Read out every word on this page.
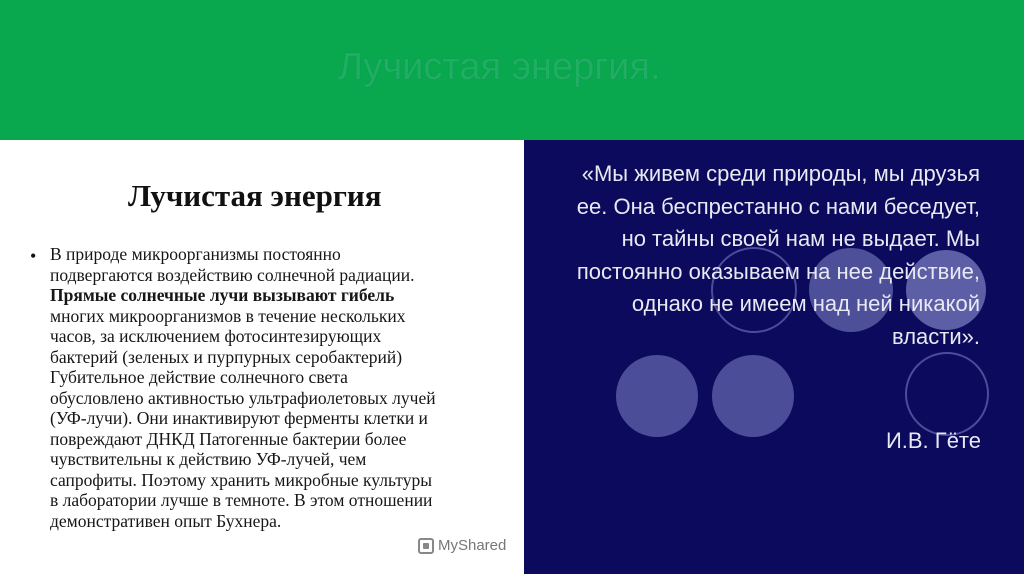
Лучистая энергия.
Лучистая энергия
• В природе микроорганизмы постоянно
подвергаются воздействию солнечной радиации.
Прямые солнечные лучи вызывают гибель
многих микроорганизмов в течение нескольких
часов, за исключением фотосинтезирующих
бактерий (зеленых и пурпурных серобактерий)
Губительное действие солнечного света
обусловлено активностью ультрафиолетовых лучей
(УФ-лучи). Они инактивируют ферменты клетки и
повреждают ДНКД Патогенные бактерии более
чувствительны к действию УФ-лучей, чем
сапрофиты. Поэтому хранить микробные культуры
в лаборатории лучше в темноте. В этом отношении
демонстративен опыт Бухнера.
MyShared
«Мы живем среди природы, мы друзья
ее. Она беспрестанно с нами беседует,
но тайны своей нам не выдает. Мы
постоянно оказываем на нее действие,
однако не имеем над ней никакой
власти».
И.В. Гёте
